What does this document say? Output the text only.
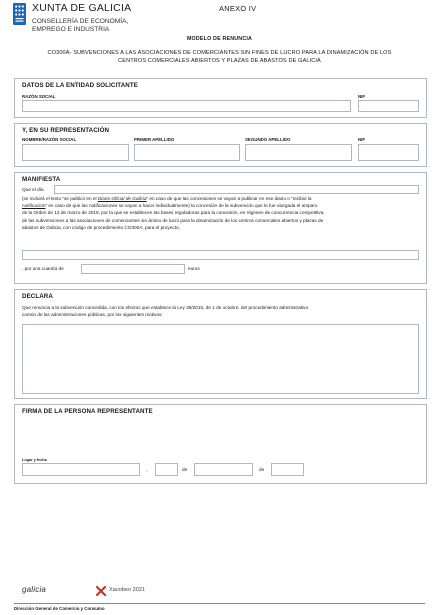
XUNTA DE GALICIA
CONSELLERÍA DE ECONOMÍA,
EMPREGO E INDUSTRIA
ANEXO IV
MODELO DE RENUNCIA
CO300A- SUBVENCIONES A LAS ASOCIACIONES DE COMERCIANTES SIN FINES DE LUCRO PARA LA DINAMIZACIÓN DE LOS
CENTROS COMERCIALES ABIERTOS Y PLAZAS DE ABASTOS DE GALICIA
DATOS DE LA ENTIDAD SOLICITANTE
RAZÓN SOCIAL	NIF
Y, EN SU REPRESENTACIÓN
NOMBRE/RAZÓN SOCIAL	PRIMER APELLIDO	SEGUNDO APELLIDO	NIF
MANIFIESTA
Que el día
(se incluirá el texto “se publicó en el Diario Oficial de Galicia” en caso de que las concesiones se vayan a publicar en ese diario o “recibió la
notificación” en caso de que las notificaciones se vayan a hacer individualmente) la concesión de la subvención que le fue otorgada el amparo
de la Orden de 13 de marzo de 2019, por la que se establecen las bases reguladoras para la concesión, en régimen de concurrencia competitiva,
de las subvenciones a las asociaciones de comerciantes sin ánimo de lucro para la dinamización de los centros comerciales abiertos y plazas de
abastos de Galicia, con código de procedimiento CO300A, para el proyecto,
, por una cuantía de	euros
DECLARA
Que renuncia a la subvención concedida, con los efectos que establece la Ley 39/2015, de 1 de octubre, del procedimiento administrativo
común de las administraciones públicas, por los siguientes motivos:
FIRMA DE LA PERSONA REPRESENTANTE
Lugar y fecha
,	de	de
galicia	Xacobeo 2021
Dirección General de Comercio y Consumo
